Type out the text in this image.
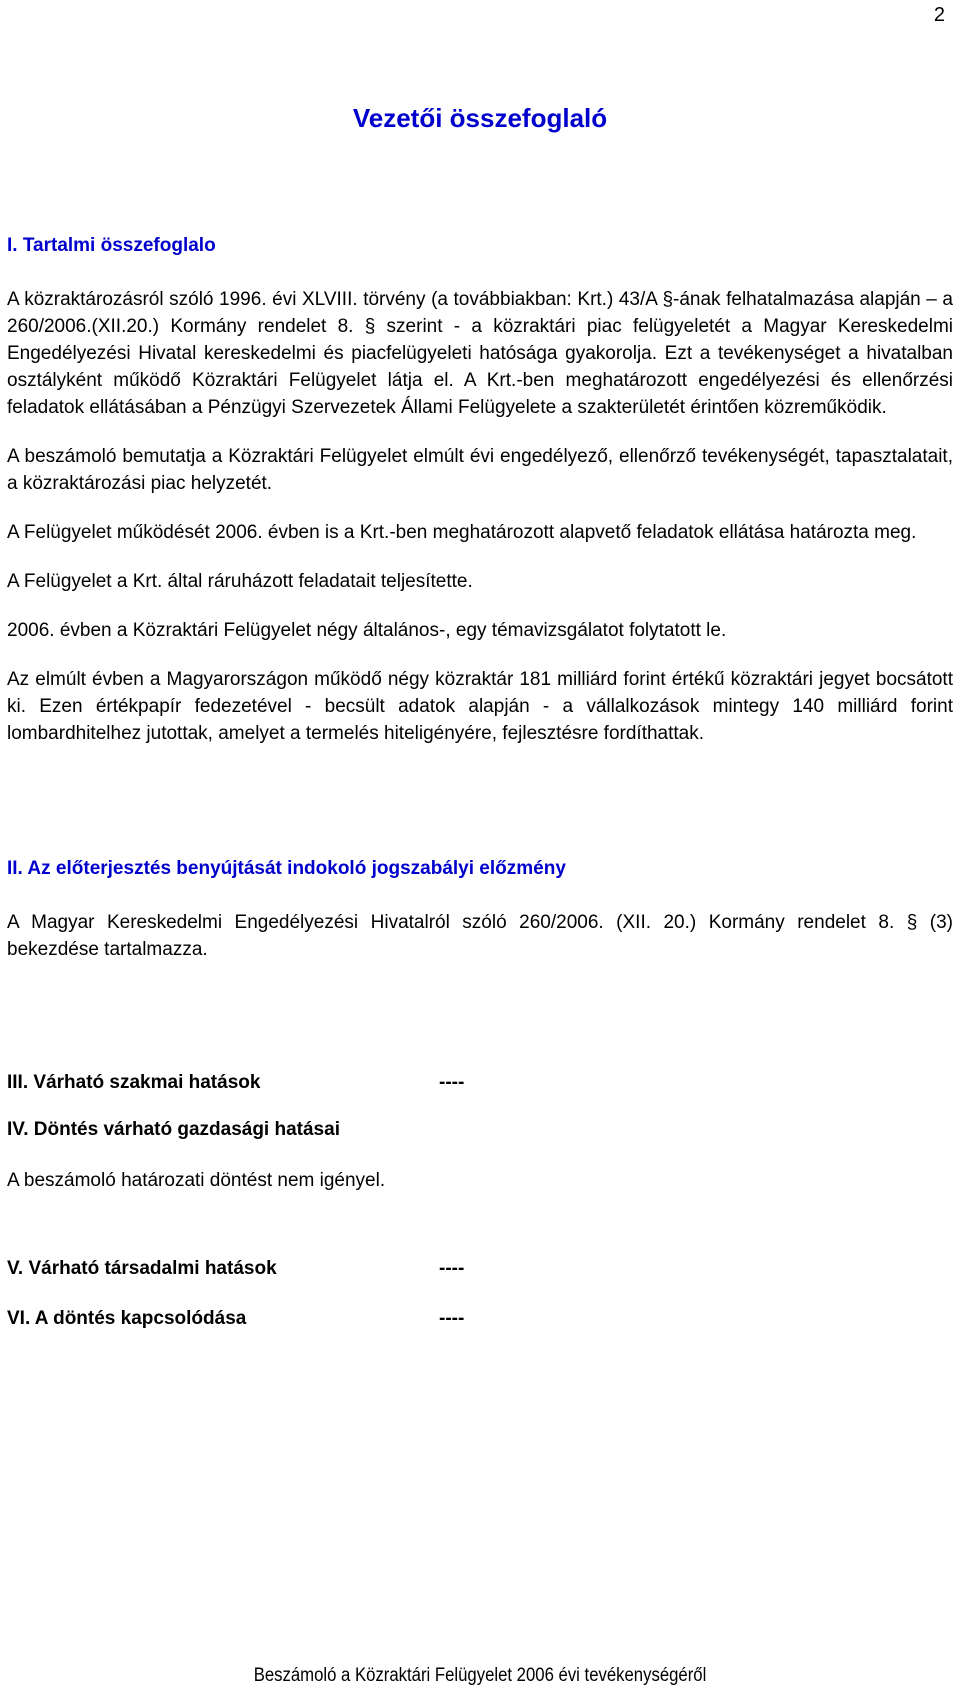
2
Vezetői összefoglaló
I. Tartalmi összefoglalo

A közraktározásról szóló 1996. évi XLVIII. törvény (a továbbiakban: Krt.) 43/A §-ának felhatalmazása alapján – a 260/2006.(XII.20.) Kormány rendelet 8. § szerint - a közraktári piac felügyeletét a Magyar Kereskedelmi Engedélyezési Hivatal kereskedelmi és piacfelügyeleti hatósága gyakorolja. Ezt a tevékenységet a hivatalban osztályként működő Közraktári Felügyelet látja el. A Krt.-ben meghatározott engedélyezési és ellenőrzési feladatok ellátásában a Pénzügyi Szervezetek Állami Felügyelete a szakterületét érintően közreműködik.

A beszámoló bemutatja a Közraktári Felügyelet elmúlt évi engedélyező, ellenőrző tevékenységét, tapasztalatait, a közraktározási piac helyzetét.

A Felügyelet működését 2006. évben is a Krt.-ben meghatározott alapvető feladatok ellátása határozta meg.

A Felügyelet a Krt. által ráruházott feladatait teljesítette.

2006. évben a Közraktári Felügyelet négy általános-, egy témavizsgálatot folytatott le.

Az elmúlt évben a Magyarországon működő négy közraktár 181 milliárd forint értékű közraktári jegyet bocsátott ki. Ezen értékpapír fedezetével - becsült adatok alapján - a vállalkozások mintegy 140 milliárd forint lombardhitelhez jutottak, amelyet a termelés hiteligényére, fejlesztésre fordíthattak.

II. Az előterjesztés benyújtását indokoló jogszabályi előzmény

A Magyar Kereskedelmi Engedélyezési Hivatalról szóló 260/2006. (XII. 20.) Kormány rendelet 8. § (3) bekezdése tartalmazza.

III. Várható szakmai hatások	----
IV. Döntés várható gazdasági hatásai

A beszámoló határozati döntést nem igényel.

V. Várható társadalmi hatások	----
VI. A döntés kapcsolódása	----
Beszámoló a Közraktári Felügyelet 2006 évi tevékenységéről
